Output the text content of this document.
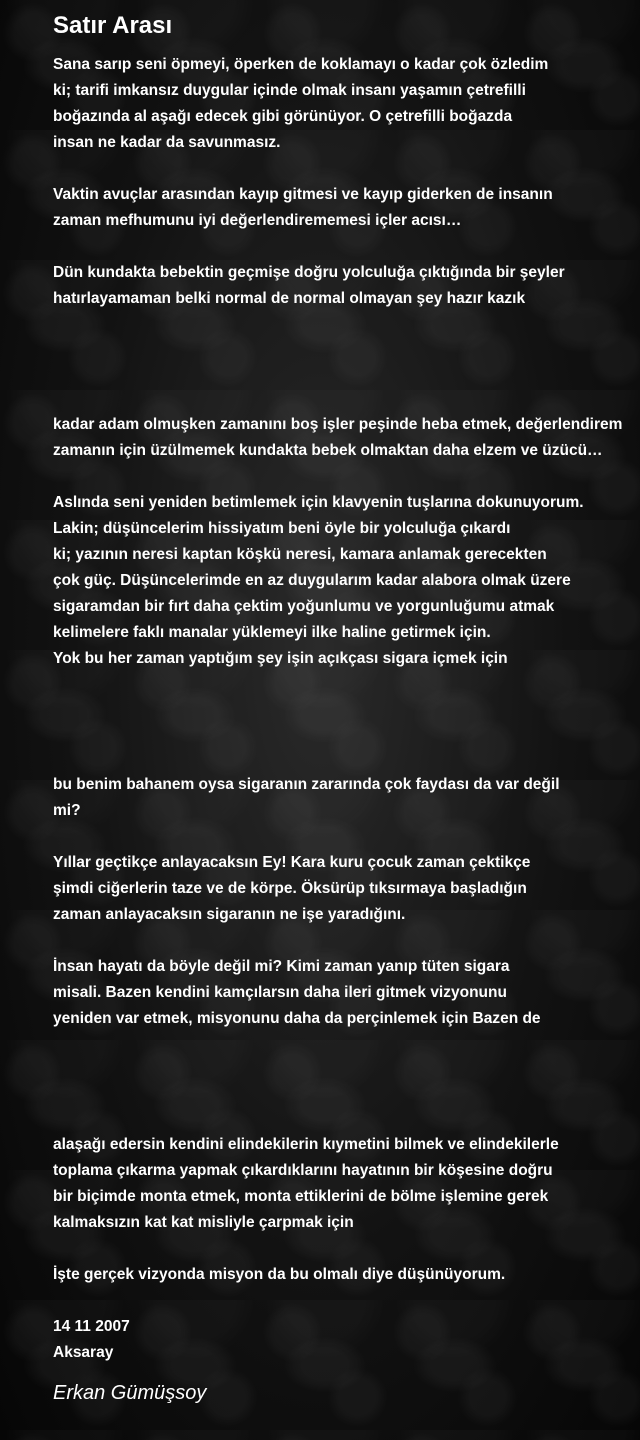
Satır Arası
Sana sarıp seni öpmeyi, öperken de koklamayı o kadar çok özledim
ki; tarifi imkansız duygular içinde olmak insanı yaşamın çetrefilli
boğazında al aşağı edecek gibi görünüyor. O çetrefilli boğazda
insan ne kadar da savunmasız.
Vaktin avuçlar arasından kayıp gitmesi ve kayıp giderken de insanın
zaman mefhumunu iyi değerlendirememesi içler acısı…
Dün kundakta bebektin geçmişe doğru yolculuğa çıktığında bir şeyler
hatırlayamaman belki normal de normal olmayan şey hazır kazık
kadar adam olmuşken zamanını boş işler peşinde heba etmek, değerlendirem
zamanın için üzülmemek kundakta bebek olmaktan daha elzem ve üzücü…
Aslında seni yeniden betimlemek için klavyenin tuşlarına dokunuyorum.
Lakin; düşüncelerim hissiyatım beni öyle bir yolculuğa çıkardı
ki; yazının neresi kaptan köşkü neresi, kamara anlamak gerecekten
çok güç. Düşüncelerimde en az duygularım kadar alabora olmak üzere
sigaramdan bir fırt daha çektim yoğunlumu ve yorgunluğumu atmak
kelimelere faklı manalar yüklemeyi ilke haline getirmek için.
Yok bu her zaman yaptığım şey işin açıkçası sigara içmek için
bu benim bahanem oysa sigaranın zararında çok faydası da var değil
mi?
Yıllar geçtikçe anlayacaksın Ey! Kara kuru çocuk zaman çektikçe
şimdi ciğerlerin taze ve de körpe. Öksürüp tıksırmaya başladığın
zaman anlayacaksın sigaranın ne işe yaradığını.
İnsan hayatı da böyle değil mi? Kimi zaman yanıp tüten sigara
misali. Bazen kendini kamçılarsın daha ileri gitmek vizyonunu
yeniden var etmek, misyonunu daha da perçinlemek için Bazen de
alaşağı edersin kendini elindekilerin kıymetini bilmek ve elindekilerle
toplama çıkarma yapmak çıkardıklarını hayatının bir köşesine doğru
bir biçimde monta etmek, monta ettiklerini de bölme işlemine gerek
kalmaksızın kat kat misliyle çarpmak için
İşte gerçek vizyonda misyon da bu olmalı diye düşünüyorum.
14 11 2007
Aksaray
Erkan Gümüşsoy
